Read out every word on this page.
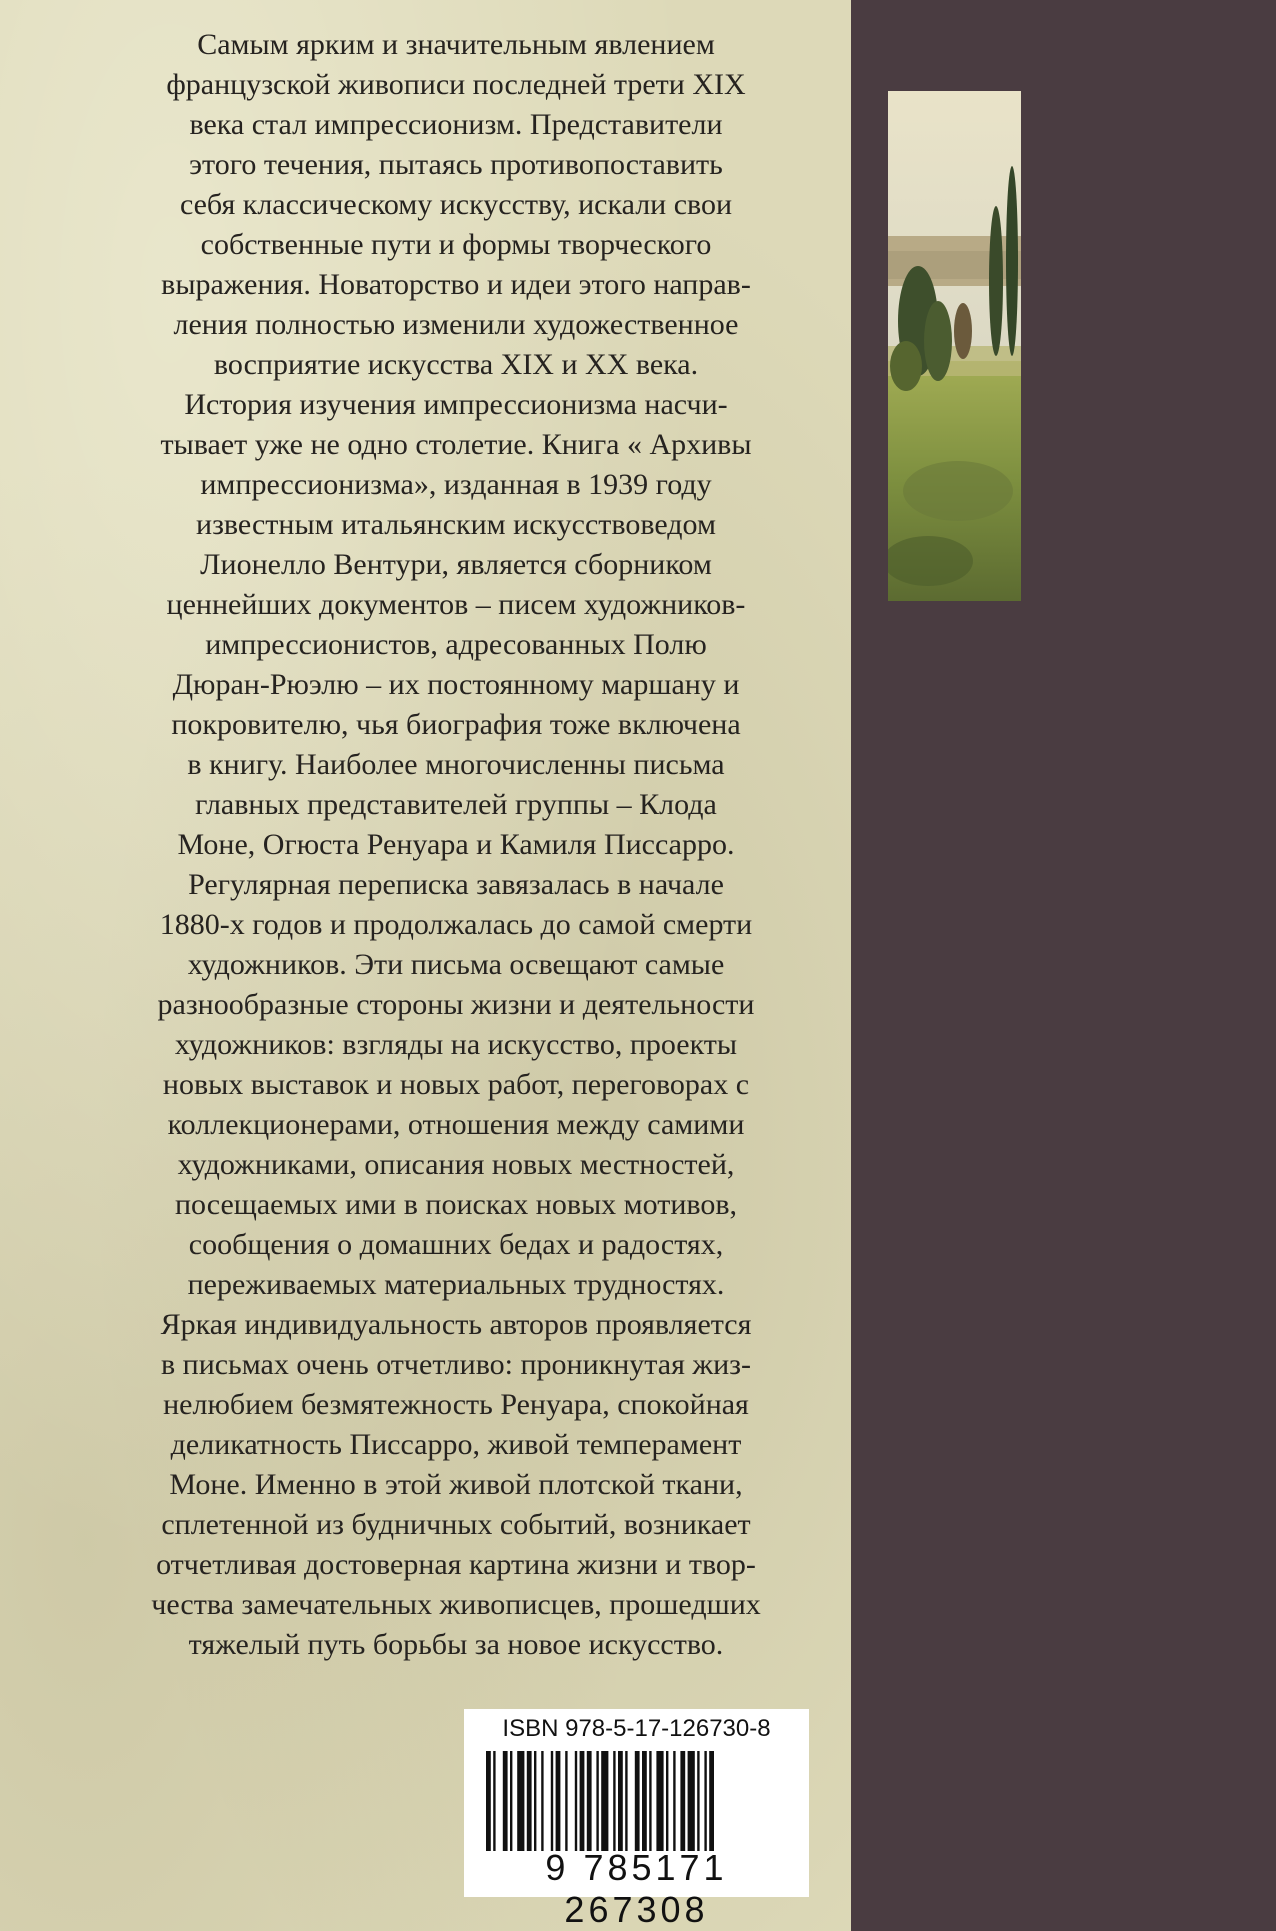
Самым ярким и значительным явлением
французской живописи последней трети XIX
века стал импрессионизм. Представители
этого течения, пытаясь противопоставить
себя классическому искусству, искали свои
собственные пути и формы творческого
выражения. Новаторство и идеи этого направ-
ления полностью изменили художественное
восприятие искусства XIX и XX века.
История изучения импрессионизма насчи-
тывает уже не одно столетие. Книга « Архивы
импрессионизма», изданная в 1939 году
известным итальянским искусствоведом
Лионелло Вентури, является сборником
ценнейших документов – писем художников-
импрессионистов, адресованных Полю
Дюран-Рюэлю – их постоянному маршану и
покровителю, чья биография тоже включена
в книгу. Наиболее многочисленны письма
главных представителей группы – Клода
Моне, Огюста Ренуара и Камиля Писсарро.
Регулярная переписка завязалась в начале
1880-х годов и продолжалась до самой смерти
художников. Эти письма освещают самые
разнообразные стороны жизни и деятельности
художников: взгляды на искусство, проекты
новых выставок и новых работ, переговорах с
коллекционерами, отношения между самими
художниками, описания новых местностей,
посещаемых ими в поисках новых мотивов,
сообщения о домашних бедах и радостях,
переживаемых материальных трудностях.
Яркая индивидуальность авторов проявляется
в письмах очень отчетливо: проникнутая жиз-
нелюбием безмятежность Ренуара, спокойная
деликатность Писсарро, живой темперамент
Моне. Именно в этой живой плотской ткани,
сплетенной из будничных событий, возникает
отчетливая достоверная картина жизни и твор-
чества замечательных живописцев, прошедших
тяжелый путь борьбы за новое искусство.
ISBN 978-5-17-126730-8
9 785171 267308
